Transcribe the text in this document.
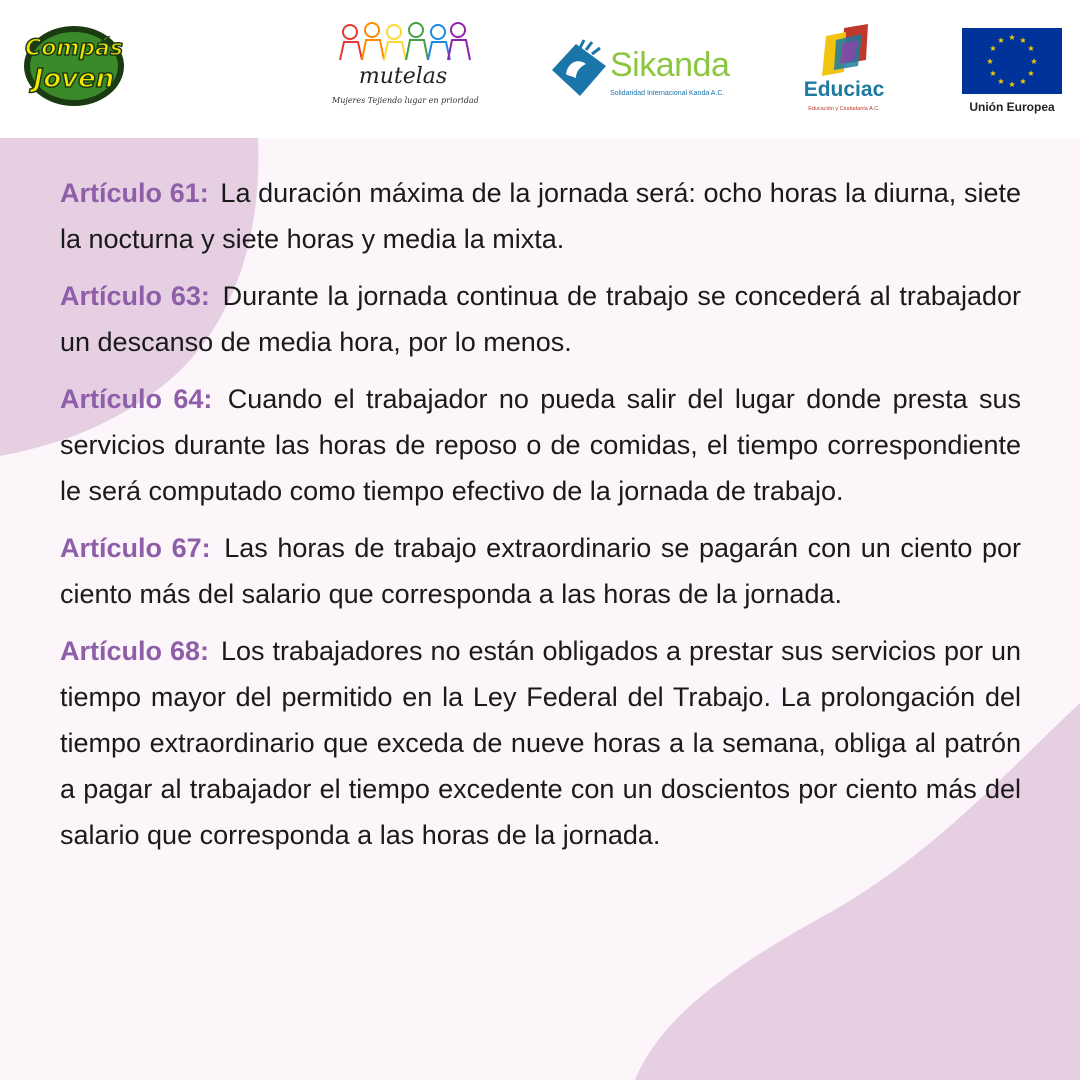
Compás
Joven	mutelas
Mujeres Tejiendo lugar en prioridad
Sikanda
Solidaridad Internacional Kanda A.C.	Educiac
Educación y Ciudadanía A.C.
★ ★
★
★
★
★
★
★
★
★
★
★
Unión Europea

Artículo 61: La duración máxima de la jornada será: ocho horas la diurna, siete la nocturna y siete horas y media la mixta.

Artículo 63: Durante la jornada continua de trabajo se concederá al trabajador un descanso de media hora, por lo menos.

Artículo 64: Cuando el trabajador no pueda salir del lugar donde presta sus servicios durante las horas de reposo o de comidas, el tiempo correspondiente le será computado como tiempo efectivo de la jornada de trabajo.

Artículo 67: Las horas de trabajo extraordinario se pagarán con un ciento por ciento más del salario que corresponda a las horas de la jornada.

Artículo 68: Los trabajadores no están obligados a prestar sus servicios por un tiempo mayor del permitido en la Ley Federal del Trabajo. La prolongación del tiempo extraordinario que exceda de nueve horas a la semana, obliga al patrón a pagar al trabajador el tiempo excedente con un doscientos por ciento más del salario que corresponda a las horas de la jornada.
